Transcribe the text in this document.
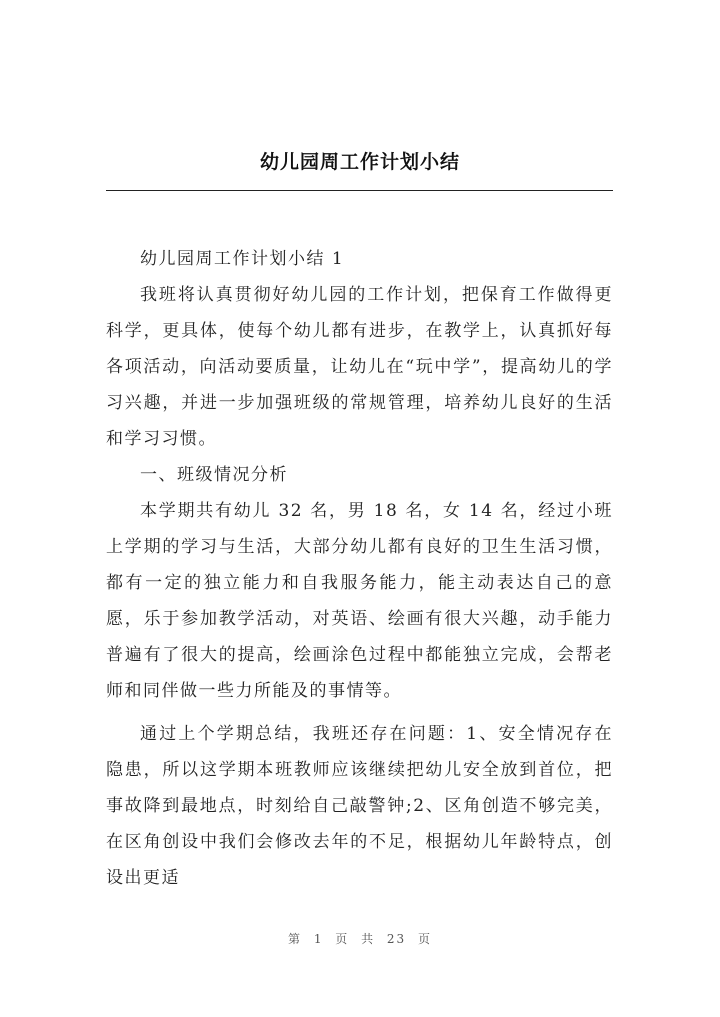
幼儿园周工作计划小结

幼儿园周工作计划小结 1

我班将认真贯彻好幼儿园的工作计划，把保育工作做得更科学，更具体，使每个幼儿都有进步，在教学上，认真抓好每各项活动，向活动要质量，让幼儿在“玩中学”，提高幼儿的学习兴趣，并进一步加强班级的常规管理，培养幼儿良好的生活和学习习惯。

一、班级情况分析

本学期共有幼儿 32 名，男 18 名，女 14 名，经过小班上学期的学习与生活，大部分幼儿都有良好的卫生生活习惯，都有一定的独立能力和自我服务能力，能主动表达自己的意愿，乐于参加教学活动，对英语、绘画有很大兴趣，动手能力普遍有了很大的提高，绘画涂色过程中都能独立完成，会帮老师和同伴做一些力所能及的事情等。

通过上个学期总结，我班还存在问题：1、安全情况存在隐患，所以这学期本班教师应该继续把幼儿安全放到首位，把事故降到最地点，时刻给自己敲警钟;2、区角创造不够完美，在区角创设中我们会修改去年的不足，根据幼儿年龄特点，创设出更适

第 1 页 共 23 页
